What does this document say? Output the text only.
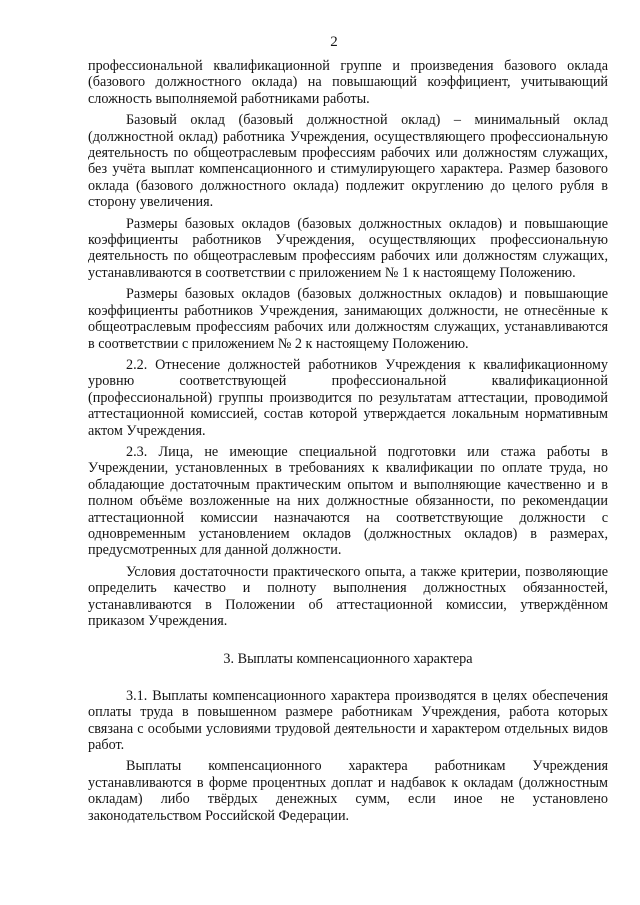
2

профессиональной квалификационной группе и произведения базового оклада (базового должностного оклада) на повышающий коэффициент, учитывающий сложность выполняемой работниками работы.

Базовый оклад (базовый должностной оклад) – минимальный оклад (должностной оклад) работника Учреждения, осуществляющего профессиональную деятельность по общеотраслевым профессиям рабочих или должностям служащих, без учёта выплат компенсационного и стимулирующего характера. Размер базового оклада (базового должностного оклада) подлежит округлению до целого рубля в сторону увеличения.

Размеры базовых окладов (базовых должностных окладов) и повышающие коэффициенты работников Учреждения, осуществляющих профессиональную деятельность по общеотраслевым профессиям рабочих или должностям служащих, устанавливаются в соответствии с приложением № 1 к настоящему Положению.

Размеры базовых окладов (базовых должностных окладов) и повышающие коэффициенты работников Учреждения, занимающих должности, не отнесённые к общеотраслевым профессиям рабочих или должностям служащих, устанавливаются в соответствии с приложением № 2 к настоящему Положению.

2.2. Отнесение должностей работников Учреждения к квалификационному уровню соответствующей профессиональной квалификационной (профессиональной) группы производится по результатам аттестации, проводимой аттестационной комиссией, состав которой утверждается локальным нормативным актом Учреждения.

2.3. Лица, не имеющие специальной подготовки или стажа работы в Учреждении, установленных в требованиях к квалификации по оплате труда, но обладающие достаточным практическим опытом и выполняющие качественно и в полном объёме возложенные на них должностные обязанности, по рекомендации аттестационной комиссии назначаются на соответствующие должности с одновременным установлением окладов (должностных окладов) в размерах, предусмотренных для данной должности.

Условия достаточности практического опыта, а также критерии, позволяющие определить качество и полноту выполнения должностных обязанностей, устанавливаются в Положении об аттестационной комиссии, утверждённом приказом Учреждения.

3. Выплаты компенсационного характера

3.1. Выплаты компенсационного характера производятся в целях обеспечения оплаты труда в повышенном размере работникам Учреждения, работа которых связана с особыми условиями трудовой деятельности и характером отдельных видов работ.

Выплаты компенсационного характера работникам Учреждения устанавливаются в форме процентных доплат и надбавок к окладам (должностным окладам) либо твёрдых денежных сумм, если иное не установлено законодательством Российской Федерации.
